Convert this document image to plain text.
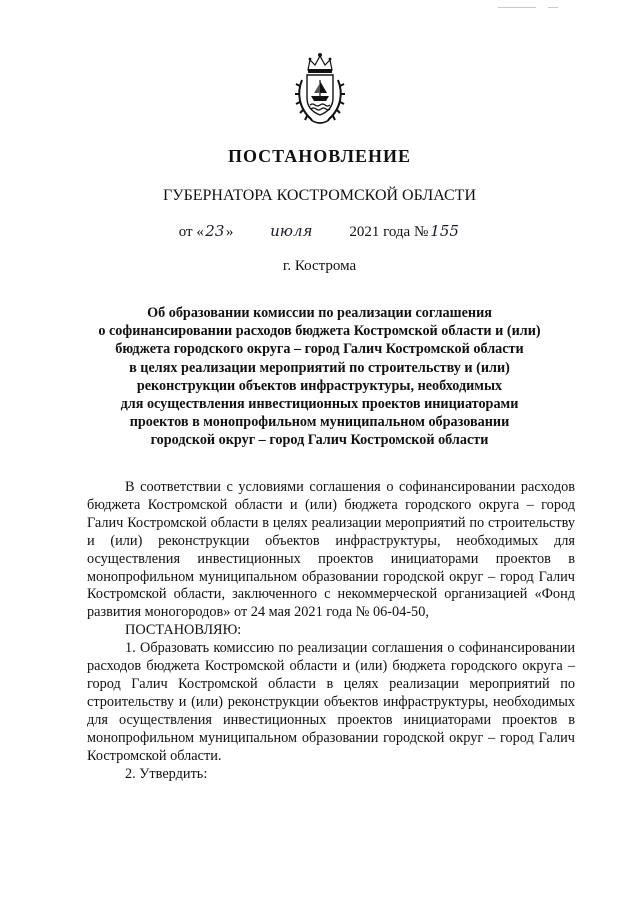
ПОСТАНОВЛЕНИЕ
ГУБЕРНАТОРА КОСТРОМСКОЙ ОБЛАСТИ
от «23» июля 2021 года № 155
г. Кострома
Об образовании комиссии по реализации соглашения
о софинансировании расходов бюджета Костромской области и (или)
бюджета городского округа – город Галич Костромской области
в целях реализации мероприятий по строительству и (или)
реконструкции объектов инфраструктуры, необходимых
для осуществления инвестиционных проектов инициаторами
проектов в монопрофильном муниципальном образовании
городской округ – город Галич Костромской области

В соответствии с условиями соглашения о софинансировании расходов бюджета Костромской области и (или) бюджета городского округа – город Галич Костромской области в целях реализации мероприятий по строительству и (или) реконструкции объектов инфраструктуры, необходимых для осуществления инвестиционных проектов инициаторами проектов в монопрофильном муниципальном образовании городской округ – город Галич Костромской области, заключенного с некоммерческой организацией «Фонд развития моногородов» от 24 мая 2021 года № 06-04-50,

ПОСТАНОВЛЯЮ:

1. Образовать комиссию по реализации соглашения о софинансировании расходов бюджета Костромской области и (или) бюджета городского округа – город Галич Костромской области в целях реализации мероприятий по строительству и (или) реконструкции объектов инфраструктуры, необходимых для осуществления инвестиционных проектов инициаторами проектов в монопрофильном муниципальном образовании городской округ – город Галич Костромской области.

2. Утвердить:
